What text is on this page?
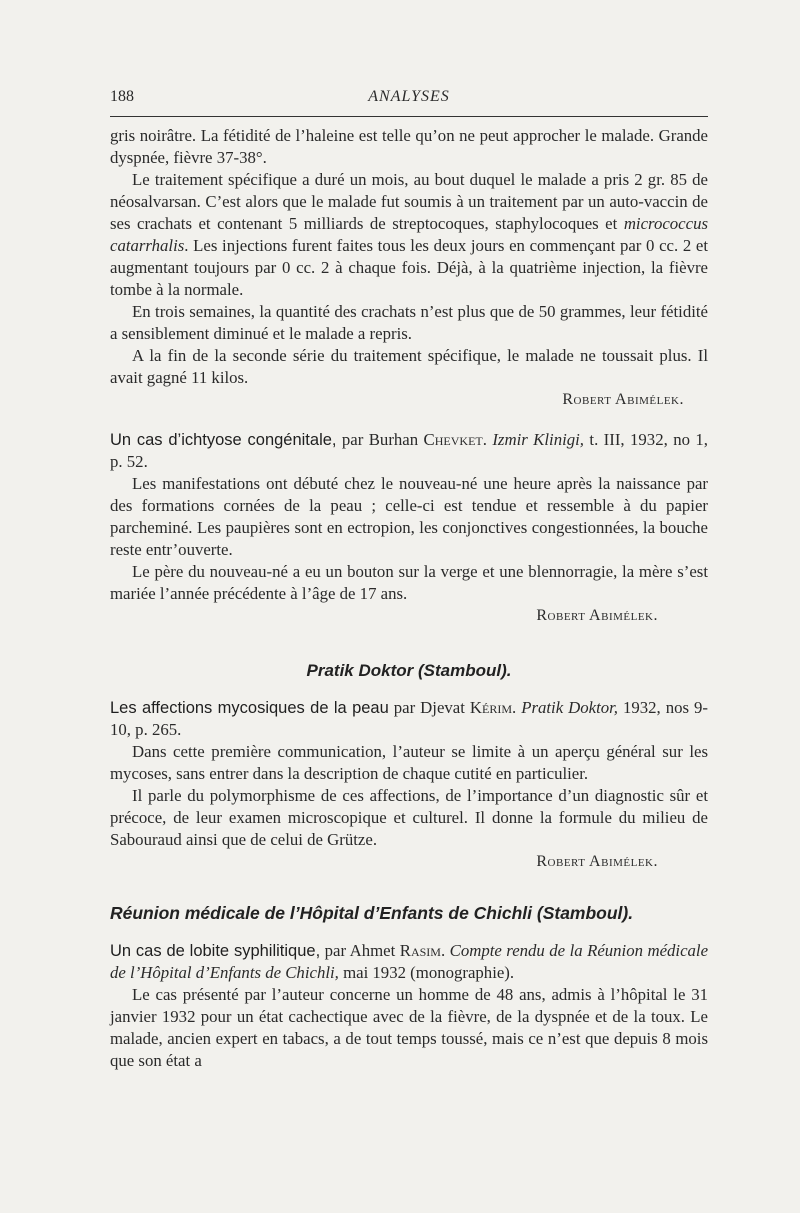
188	ANALYSES

gris noirâtre. La fétidité de l’haleine est telle qu’on ne peut approcher le malade. Grande dyspnée, fièvre 37-38°.

Le traitement spécifique a duré un mois, au bout duquel le malade a pris 2 gr. 85 de néosalvarsan. C’est alors que le malade fut soumis à un traitement par un auto-vaccin de ses crachats et contenant 5 milliards de streptocoques, staphylocoques et micrococcus catarrhalis. Les injections furent faites tous les deux jours en commençant par 0 cc. 2 et augmentant toujours par 0 cc. 2 à chaque fois. Déjà, à la quatrième injection, la fièvre tombe à la normale.

En trois semaines, la quantité des crachats n’est plus que de 50 grammes, leur fétidité a sensiblement diminué et le malade a repris.

A la fin de la seconde série du traitement spécifique, le malade ne toussait plus. Il avait gagné 11 kilos.

Robert Abimélek.
Un cas d’ichtyose congénitale, par Burhan Chevket. Izmir Klinigi, t. III, 1932, no 1, p. 52.

Les manifestations ont débuté chez le nouveau-né une heure après la naissance par des formations cornées de la peau ; celle-ci est tendue et ressemble à du papier parcheminé. Les paupières sont en ectropion, les conjonctives congestionnées, la bouche reste entr’ouverte.

Le père du nouveau-né a eu un bouton sur la verge et une blennorragie, la mère s’est mariée l’année précédente à l’âge de 17 ans.

Robert Abimélek.
Pratik Doktor (Stamboul).
Les affections mycosiques de la peau par Djevat Kérim. Pratik Doktor, 1932, nos 9-10, p. 265.

Dans cette première communication, l’auteur se limite à un aperçu général sur les mycoses, sans entrer dans la description de chaque cutité en particulier.

Il parle du polymorphisme de ces affections, de l’importance d’un diagnostic sûr et précoce, de leur examen microscopique et culturel. Il donne la formule du milieu de Sabouraud ainsi que de celui de Grütze.

Robert Abimélek.
Réunion médicale de l’Hôpital d’Enfants de Chichli (Stamboul).
Un cas de lobite syphilitique, par Ahmet Rasim. Compte rendu de la Réunion médicale de l’Hôpital d’Enfants de Chichli, mai 1932 (monographie).

Le cas présenté par l’auteur concerne un homme de 48 ans, admis à l’hôpital le 31 janvier 1932 pour un état cachectique avec de la fièvre, de la dyspnée et de la toux. Le malade, ancien expert en tabacs, a de tout temps toussé, mais ce n’est que depuis 8 mois que son état a
